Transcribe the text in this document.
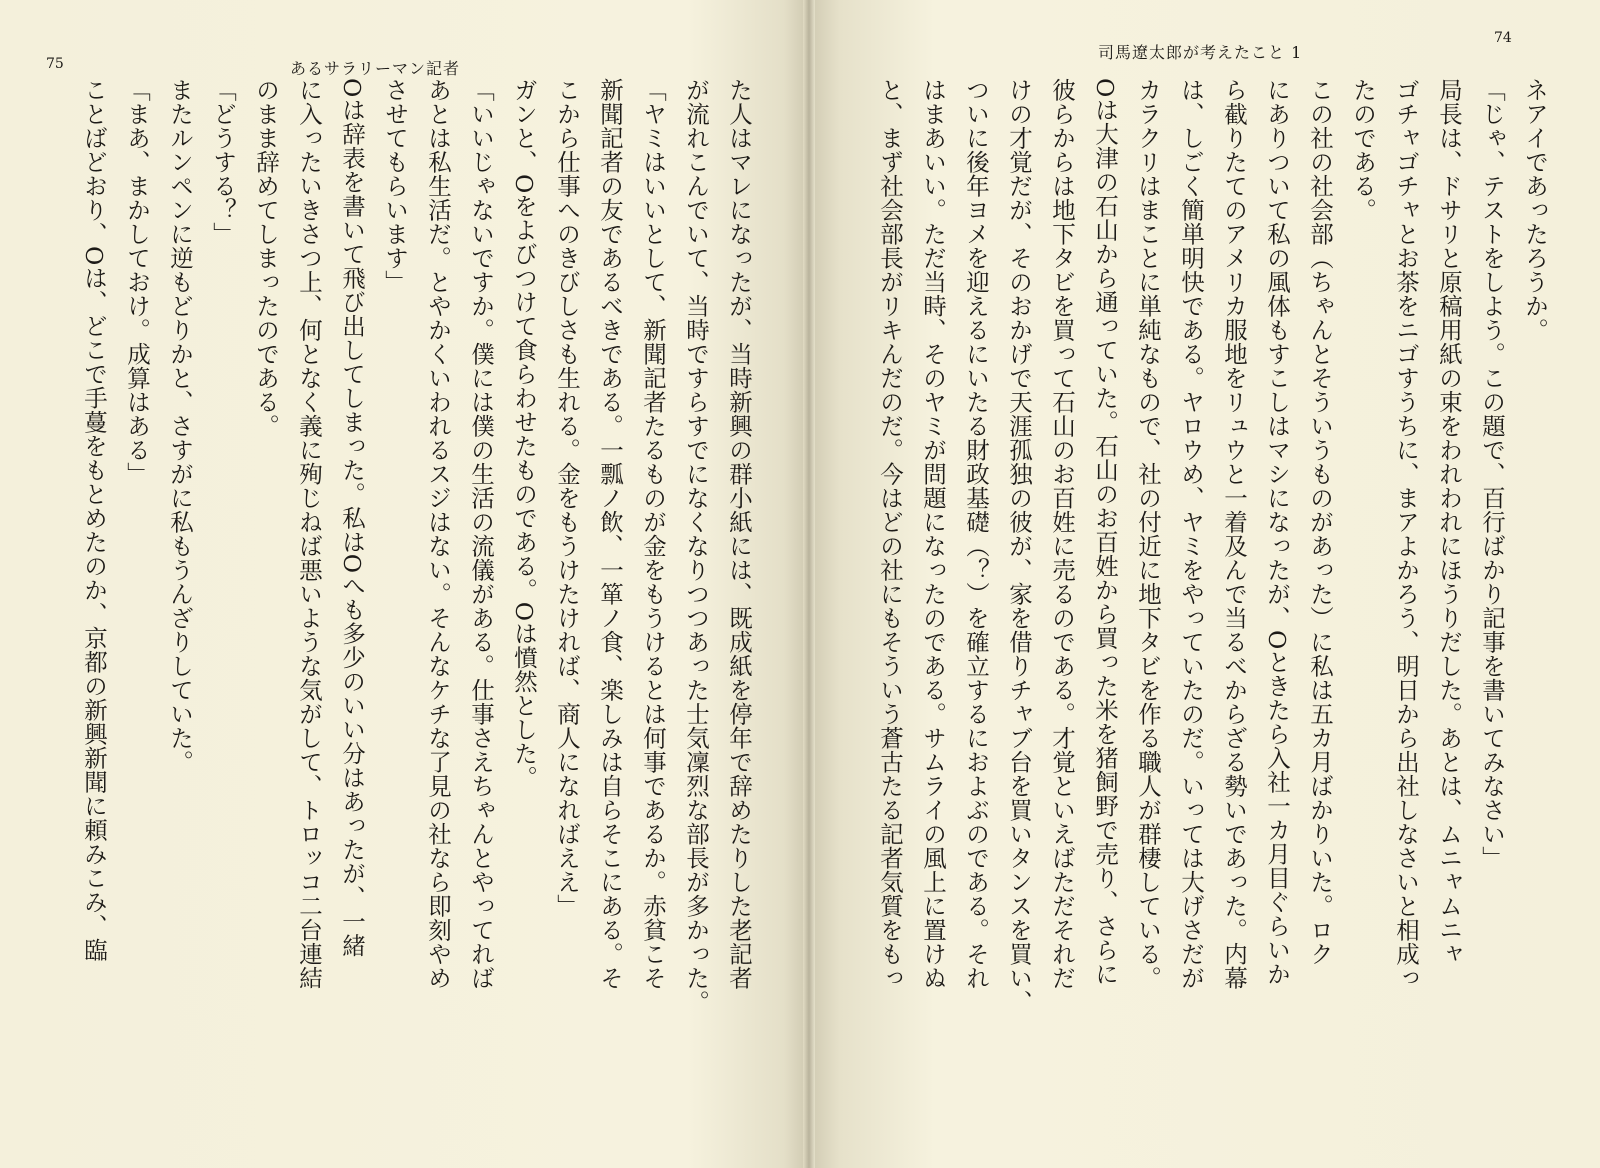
75	あるサラリーマン記者
た人はマレになったが、当時新興の群小紙には、既成紙を停年で辞めたりした老記者
が流れこんでいて、当時ですらすでになくなりつつあった士気凜烈な部長が多かった。
「ヤミはいいとして、新聞記者たるものが金をもうけるとは何事であるか。赤貧こそ
新聞記者の友であるべきである。一瓢ノ飲、一箪ノ食、楽しみは自らそこにある。そ
こから仕事へのきびしさも生れる。金をもうけたければ、商人になればええ」
ガンと、Oをよびつけて食らわせたものである。Oは憤然とした。
「いいじゃないですか。僕には僕の生活の流儀がある。仕事さえちゃんとやってれば
あとは私生活だ。とやかくいわれるスジはない。そんなケチな了見の社なら即刻やめ
させてもらいます」
Oは辞表を書いて飛び出してしまった。私はOへも多少のいい分はあったが、一緒
に入ったいきさつ上、何となく義に殉じねば悪いような気がして、トロッコ二台連結
のまま辞めてしまったのである。
「どうする？」
またルンペンに逆もどりかと、さすがに私もうんざりしていた。
「まあ、まかしておけ。成算はある」
ことばどおり、Oは、どこで手蔓をもとめたのか、京都の新興新聞に頼みこみ、臨
司馬遼太郎が考えたこと 1
74
ネアイであったろうか。
「じゃ、テストをしよう。この題で、百行ばかり記事を書いてみなさい」
局長は、ドサリと原稿用紙の束をわれわれにほうりだした。あとは、ムニャムニャ
ゴチャゴチャとお茶をニゴすうちに、まアよかろう、明日から出社しなさいと相成っ
たのである。
この社の社会部（ちゃんとそういうものがあった）に私は五カ月ばかりいた。ロク
にありついて私の風体もすこしはマシになったが、Oときたら入社一カ月目ぐらいか
ら截りたてのアメリカ服地をリュウと一着及んで当るべからざる勢いであった。内幕
は、しごく簡単明快である。ヤロウめ、ヤミをやっていたのだ。いっては大げさだが
カラクリはまことに単純なもので、社の付近に地下タビを作る職人が群棲している。
Oは大津の石山から通っていた。石山のお百姓から買った米を猪飼野で売り、さらに
彼らからは地下タビを買って石山のお百姓に売るのである。才覚といえばただそれだ
けの才覚だが、そのおかげで天涯孤独の彼が、家を借りチャブ台を買いタンスを買い、
ついに後年ヨメを迎えるにいたる財政基礎（？）を確立するにおよぶのである。それ
はまあいい。ただ当時、そのヤミが問題になったのである。サムライの風上に置けぬ
と、まず社会部長がリキんだのだ。今はどの社にもそういう蒼古たる記者気質をもっ
